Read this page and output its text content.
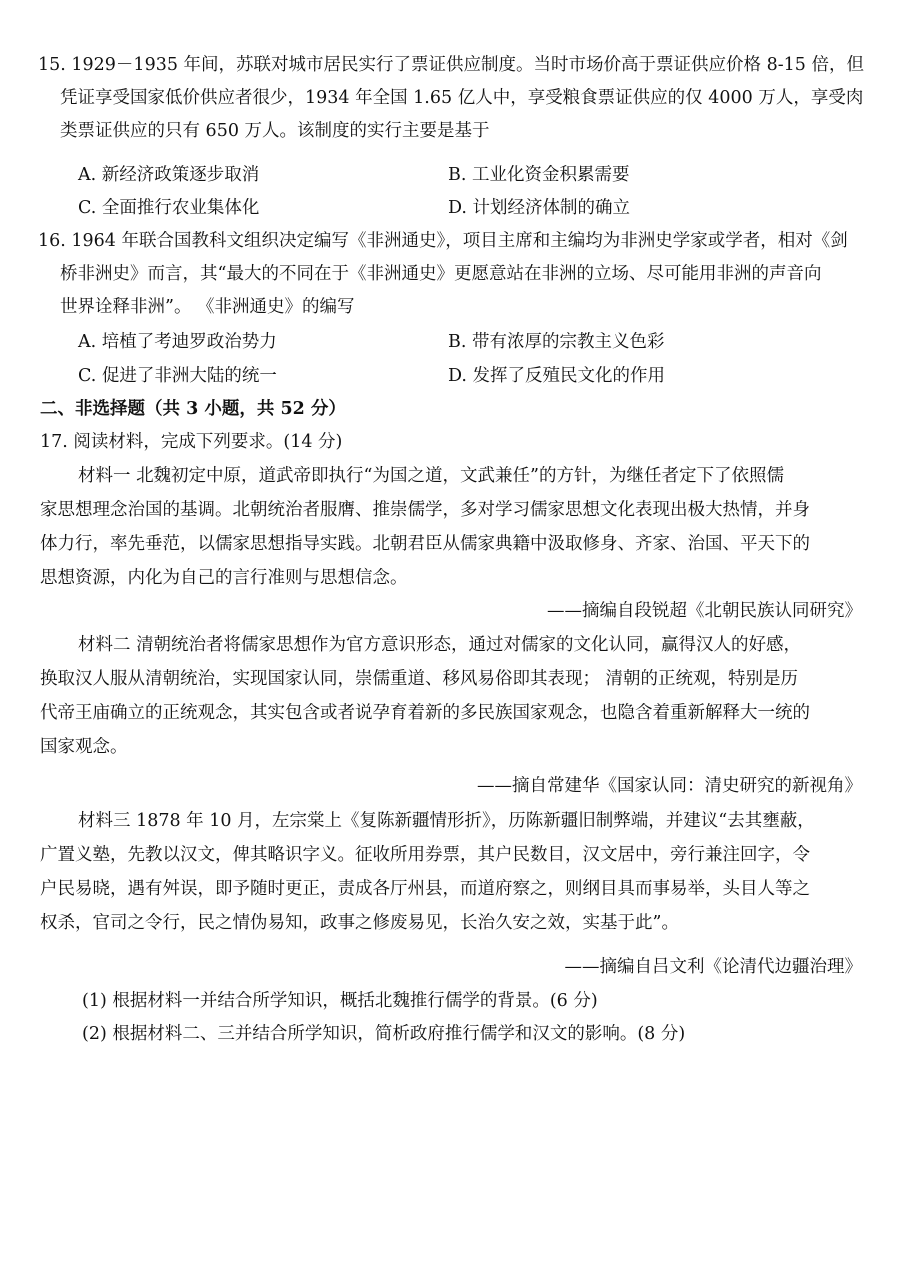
15. 1929－1935 年间，苏联对城市居民实行了票证供应制度。当时市场价高于票证供应价格 8-15 倍，但
凭证享受国家低价供应者很少，1934 年全国 1.65 亿人中，享受粮食票证供应的仅 4000 万人，享受肉
类票证供应的只有 650 万人。该制度的实行主要是基于
A. 新经济政策逐步取消	B. 工业化资金积累需要
C. 全面推行农业集体化	D. 计划经济体制的确立
16. 1964 年联合国教科文组织决定编写《非洲通史》，项目主席和主编均为非洲史学家或学者，相对《剑
桥非洲史》而言，其“最大的不同在于《非洲通史》更愿意站在非洲的立场、尽可能用非洲的声音向
世界诠释非洲”。 《非洲通史》的编写
A. 培植了考迪罗政治势力	B. 带有浓厚的宗教主义色彩
C. 促进了非洲大陆的统一	D. 发挥了反殖民文化的作用
二、非选择题（共 3 小题，共 52 分）
17. 阅读材料，完成下列要求。(14 分)
材料一 北魏初定中原，道武帝即执行“为国之道，文武兼任”的方针，为继任者定下了依照儒
家思想理念治国的基调。北朝统治者服膺、推崇儒学，多对学习儒家思想文化表现出极大热情，并身
体力行，率先垂范，以儒家思想指导实践。北朝君臣从儒家典籍中汲取修身、齐家、治国、平天下的
思想资源，内化为自己的言行准则与思想信念。
——摘编自段锐超《北朝民族认同研究》
材料二 清朝统治者将儒家思想作为官方意识形态，通过对儒家的文化认同，赢得汉人的好感，
换取汉人服从清朝统治，实现国家认同，崇儒重道、移风易俗即其表现； 清朝的正统观，特别是历
代帝王庙确立的正统观念，其实包含或者说孕育着新的多民族国家观念，也隐含着重新解释大一统的
国家观念。
——摘自常建华《国家认同：清史研究的新视角》
材料三 1878 年 10 月，左宗棠上《复陈新疆情形折》，历陈新疆旧制弊端，并建议“去其壅蔽，
广置义塾，先教以汉文，俾其略识字义。征收所用券票，其户民数目，汉文居中，旁行兼注回字，令
户民易晓，遇有舛误，即予随时更正，责成各厅州县，而道府察之，则纲目具而事易举，头目人等之
权杀，官司之令行，民之情伪易知，政事之修废易见，长治久安之效，实基于此”。
——摘编自吕文利《论清代边疆治理》
(1) 根据材料一并结合所学知识，概括北魏推行儒学的背景。(6 分)
(2) 根据材料二、三并结合所学知识，简析政府推行儒学和汉文的影响。(8 分)
